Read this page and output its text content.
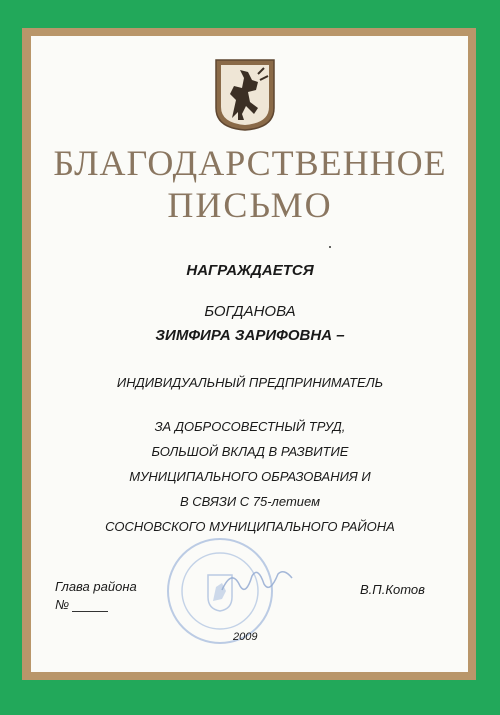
БЛАГОДАРСТВЕННОЕ
ПИСЬМО
НАГРАЖДАЕТСЯ
БОГДАНОВА
ЗИМФИРА ЗАРИФОВНА –
ИНДИВИДУАЛЬНЫЙ ПРЕДПРИНИМАТЕЛЬ
ЗА ДОБРОСОВЕСТНЫЙ ТРУД,
БОЛЬШОЙ ВКЛАД В РАЗВИТИЕ
МУНИЦИПАЛЬНОГО ОБРАЗОВАНИЯ И
В СВЯЗИ С 75-летием
СОСНОВСКОГО МУНИЦИПАЛЬНОГО РАЙОНА
Глава района
№
В.П.Котов
2009
